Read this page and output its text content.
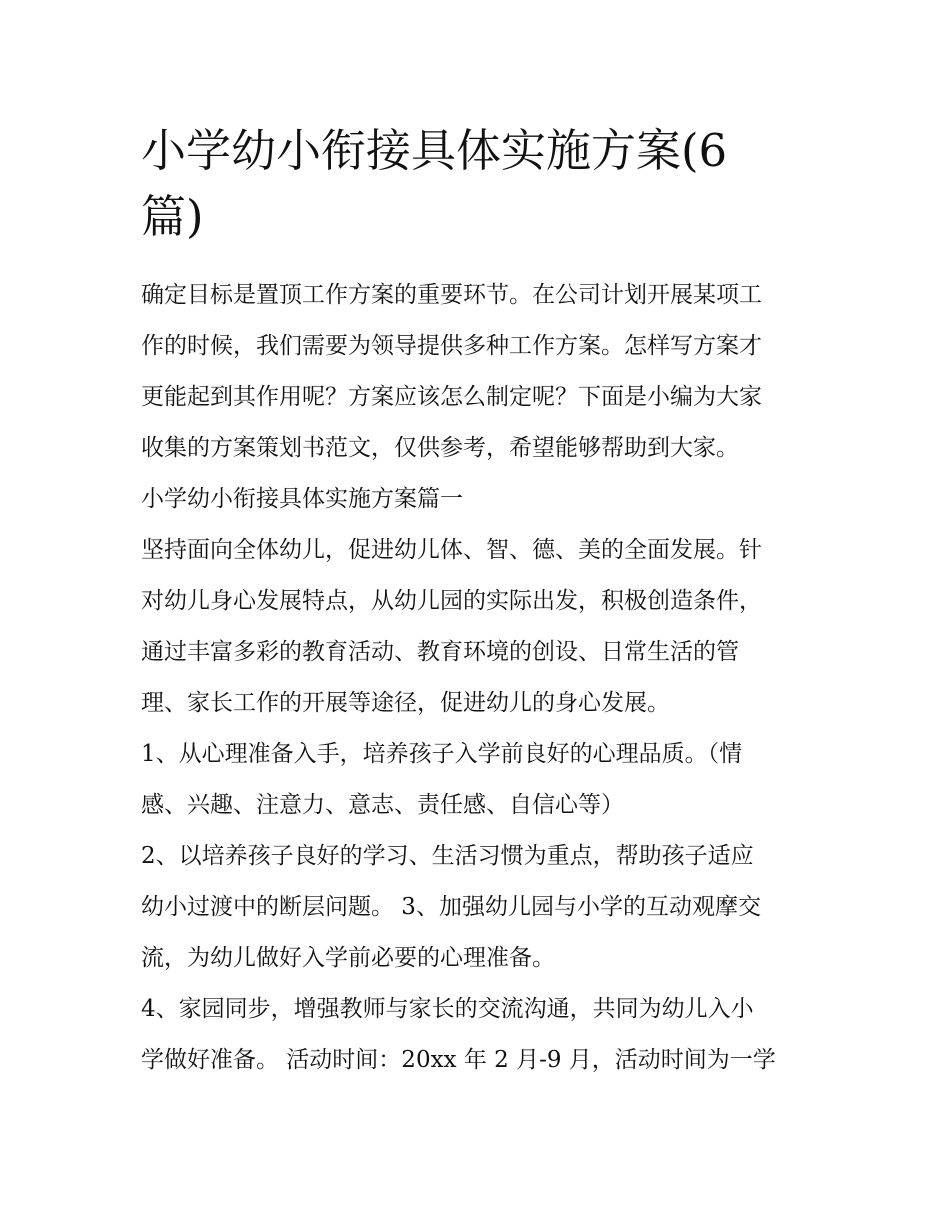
小学幼小衔接具体实施方案(6
篇)

确定目标是置顶工作方案的重要环节。在公司计划开展某项工

作的时候，我们需要为领导提供多种工作方案。怎样写方案才

更能起到其作用呢？方案应该怎么制定呢？下面是小编为大家

收集的方案策划书范文，仅供参考，希望能够帮助到大家。

小学幼小衔接具体实施方案篇一

坚持面向全体幼儿，促进幼儿体、智、德、美的全面发展。针

对幼儿身心发展特点，从幼儿园的实际出发，积极创造条件，

通过丰富多彩的教育活动、教育环境的创设、日常生活的管

理、家长工作的开展等途径，促进幼儿的身心发展。

1、从心理准备入手，培养孩子入学前良好的心理品质。（情

感、兴趣、注意力、意志、责任感、自信心等）

2、以培养孩子良好的学习、生活习惯为重点，帮助孩子适应

幼小过渡中的断层问题。 3、加强幼儿园与小学的互动观摩交

流，为幼儿做好入学前必要的心理准备。

4、家园同步，增强教师与家长的交流沟通，共同为幼儿入小

学做好准备。 活动时间：20xx 年 2 月-9 月，活动时间为一学
